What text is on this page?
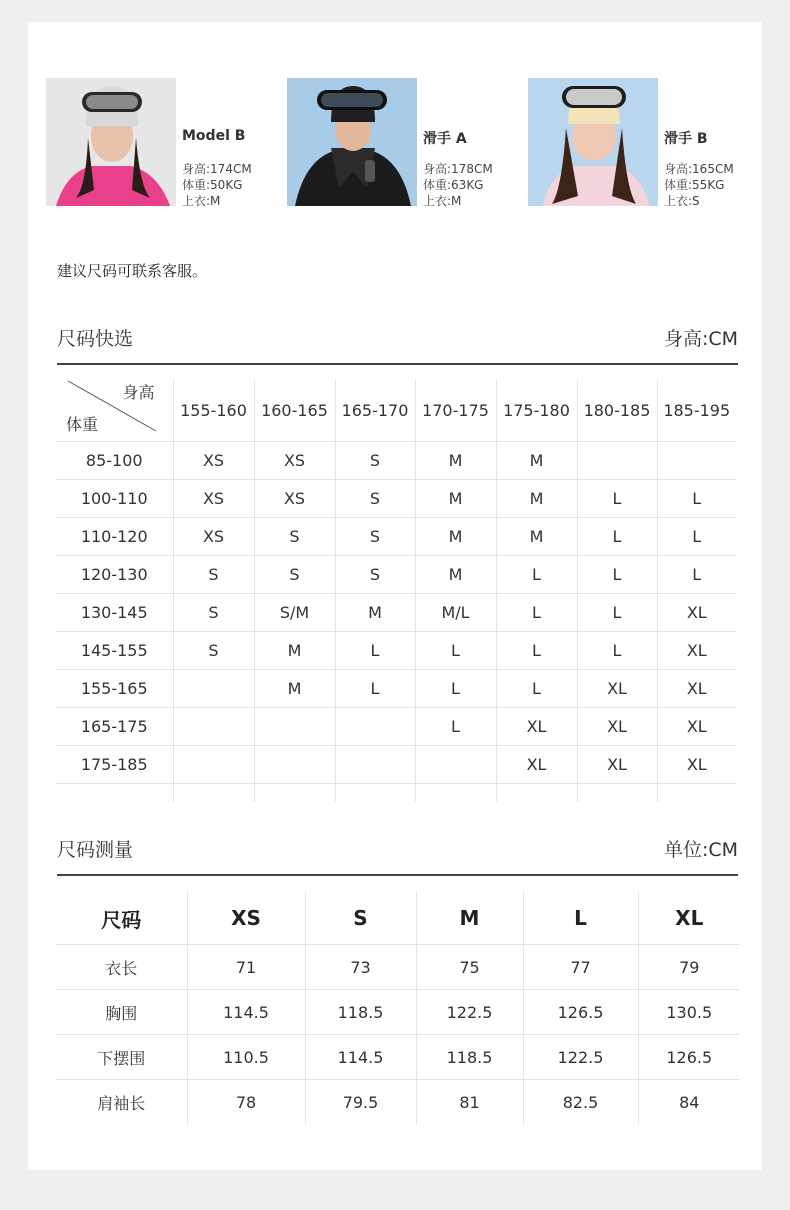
Model B
身高:174CM
体重:50KG
上衣:M
滑手 A
身高:178CM
体重:63KG
上衣:M
滑手 B
身高:165CM
体重:55KG
上衣:S
建议尺码可联系客服。
尺码快选	身高:CM
身高
体重	155-160	160-165	165-170	170-175	175-180	180-185	185-195
85-100	XS	XS	S	M	M		
100-110	XS	XS	S	M	M	L	L
110-120	XS	S	S	M	M	L	L
120-130	S	S	S	M	L	L	L
130-145	S	S/M	M	M/L	L	L	XL
145-155	S	M	L	L	L	L	XL
155-165		M	L	L	L	XL	XL
165-175				L	XL	XL	XL
175-185					XL	XL	XL

尺码测量	单位:CM
尺码	XS	S	M	L	XL
衣长	71	73	75	77	79
胸围	114.5	118.5	122.5	126.5	130.5
下摆围	110.5	114.5	118.5	122.5	126.5
肩袖长	78	79.5	81	82.5	84
